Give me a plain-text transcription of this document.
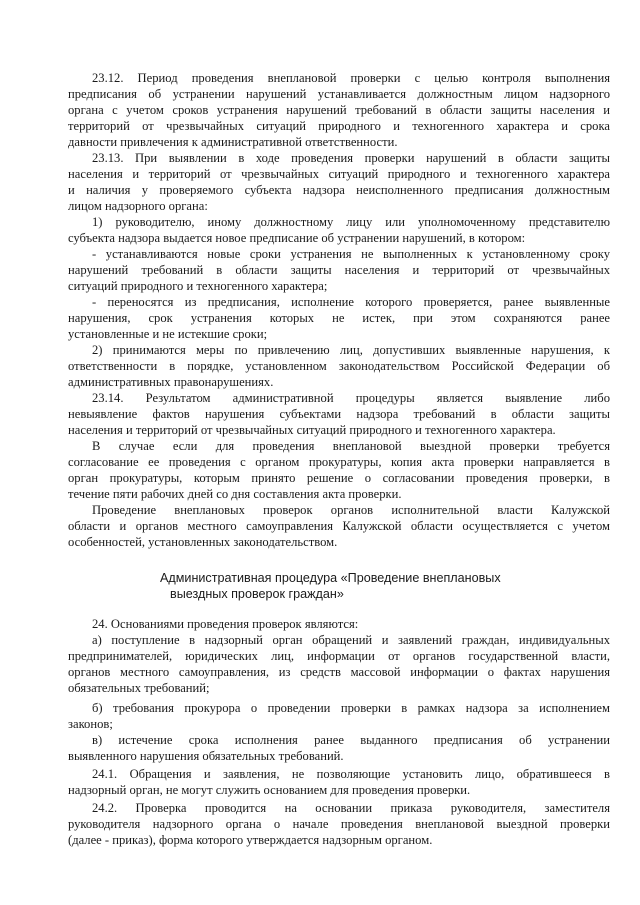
23.12. Период проведения внеплановой проверки с целью контроля выполнения

предписания об устранении нарушений устанавливается должностным лицом надзорного

органа с учетом сроков устранения нарушений требований в области защиты населения и

территорий от чрезвычайных ситуаций природного и техногенного характера и срока

давности привлечения к административной ответственности.

23.13. При выявлении в ходе проведения проверки нарушений в области защиты

населения и территорий от чрезвычайных ситуаций природного и техногенного характера

и наличия у проверяемого субъекта надзора неисполненного предписания должностным

лицом надзорного органа:

1) руководителю, иному должностному лицу или уполномоченному представителю

субъекта надзора выдается новое предписание об устранении нарушений, в котором:

- устанавливаются новые сроки устранения не выполненных к установленному сроку

нарушений требований в области защиты населения и территорий от чрезвычайных

ситуаций природного и техногенного характера;

- переносятся из предписания, исполнение которого проверяется, ранее выявленные

нарушения, срок устранения которых не истек, при этом сохраняются ранее

установленные и не истекшие сроки;

2) принимаются меры по привлечению лиц, допустивших выявленные нарушения, к

ответственности в порядке, установленном законодательством Российской Федерации об

административных правонарушениях.

23.14. Результатом административной процедуры является выявление либо

невыявление фактов нарушения субъектами надзора требований в области защиты

населения и территорий от чрезвычайных ситуаций природного и техногенного характера.

В случае если для проведения внеплановой выездной проверки требуется

согласование ее проведения с органом прокуратуры, копия акта проверки направляется в

орган прокуратуры, которым принято решение о согласовании проведения проверки, в

течение пяти рабочих дней со дня составления акта проверки.

Проведение внеплановых проверок органов исполнительной власти Калужской

области и органов местного самоуправления Калужской области осуществляется с учетом

особенностей, установленных законодательством.

Административная процедура «Проведение внеплановых
выездных проверок граждан»

24. Основаниями проведения проверок являются:

а) поступление в надзорный орган обращений и заявлений граждан, индивидуальных

предпринимателей, юридических лиц, информации от органов государственной власти,

органов местного самоуправления, из средств массовой информации о фактах нарушения

обязательных требований;

б) требования прокурора о проведении проверки в рамках надзора за исполнением

законов;

в) истечение срока исполнения ранее выданного предписания об устранении

выявленного нарушения обязательных требований.

24.1. Обращения и заявления, не позволяющие установить лицо, обратившееся в

надзорный орган, не могут служить основанием для проведения проверки.

24.2. Проверка проводится на основании приказа руководителя, заместителя

руководителя надзорного органа о начале проведения внеплановой выездной проверки

(далее - приказ), форма которого утверждается надзорным органом.
